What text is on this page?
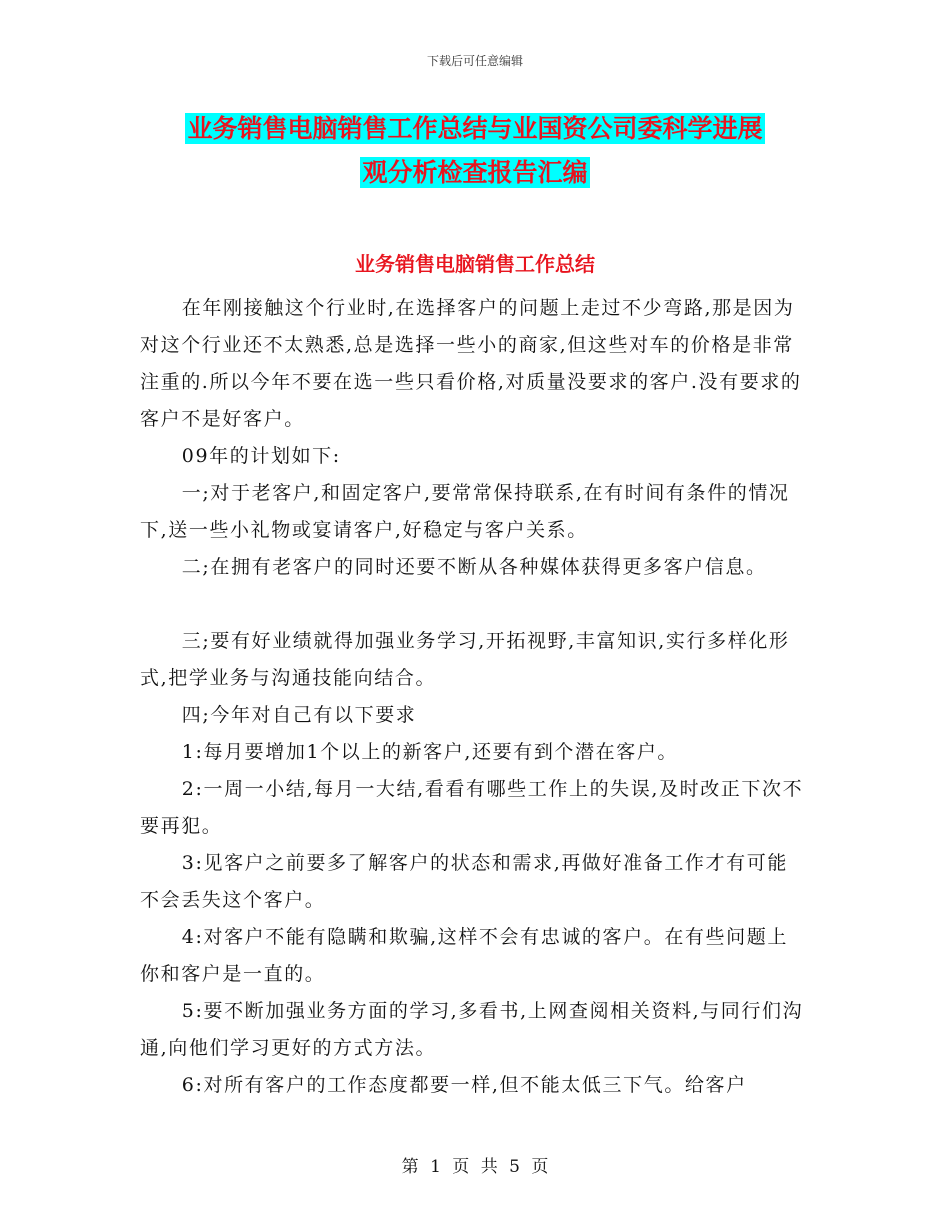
下载后可任意编辑
业务销售电脑销售工作总结与业国资公司委科学进展
观分析检查报告汇编
业务销售电脑销售工作总结

在年刚接触这个行业时,在选择客户的问题上走过不少弯路,那是因为对这个行业还不太熟悉,总是选择一些小的商家,但这些对车的价格是非常注重的.所以今年不要在选一些只看价格,对质量没要求的客户.没有要求的客户不是好客户。

09年的计划如下:

一;对于老客户,和固定客户,要常常保持联系,在有时间有条件的情况下,送一些小礼物或宴请客户,好稳定与客户关系。

二;在拥有老客户的同时还要不断从各种媒体获得更多客户信息。

三;要有好业绩就得加强业务学习,开拓视野,丰富知识,实行多样化形式,把学业务与沟通技能向结合。

四;今年对自己有以下要求

1:每月要增加1个以上的新客户,还要有到个潜在客户。

2:一周一小结,每月一大结,看看有哪些工作上的失误,及时改正下次不要再犯。

3:见客户之前要多了解客户的状态和需求,再做好准备工作才有可能不会丢失这个客户。

4:对客户不能有隐瞒和欺骗,这样不会有忠诚的客户。在有些问题上你和客户是一直的。

5:要不断加强业务方面的学习,多看书,上网查阅相关资料,与同行们沟通,向他们学习更好的方式方法。

6:对所有客户的工作态度都要一样,但不能太低三下气。给客户

第 1 页 共 5 页
